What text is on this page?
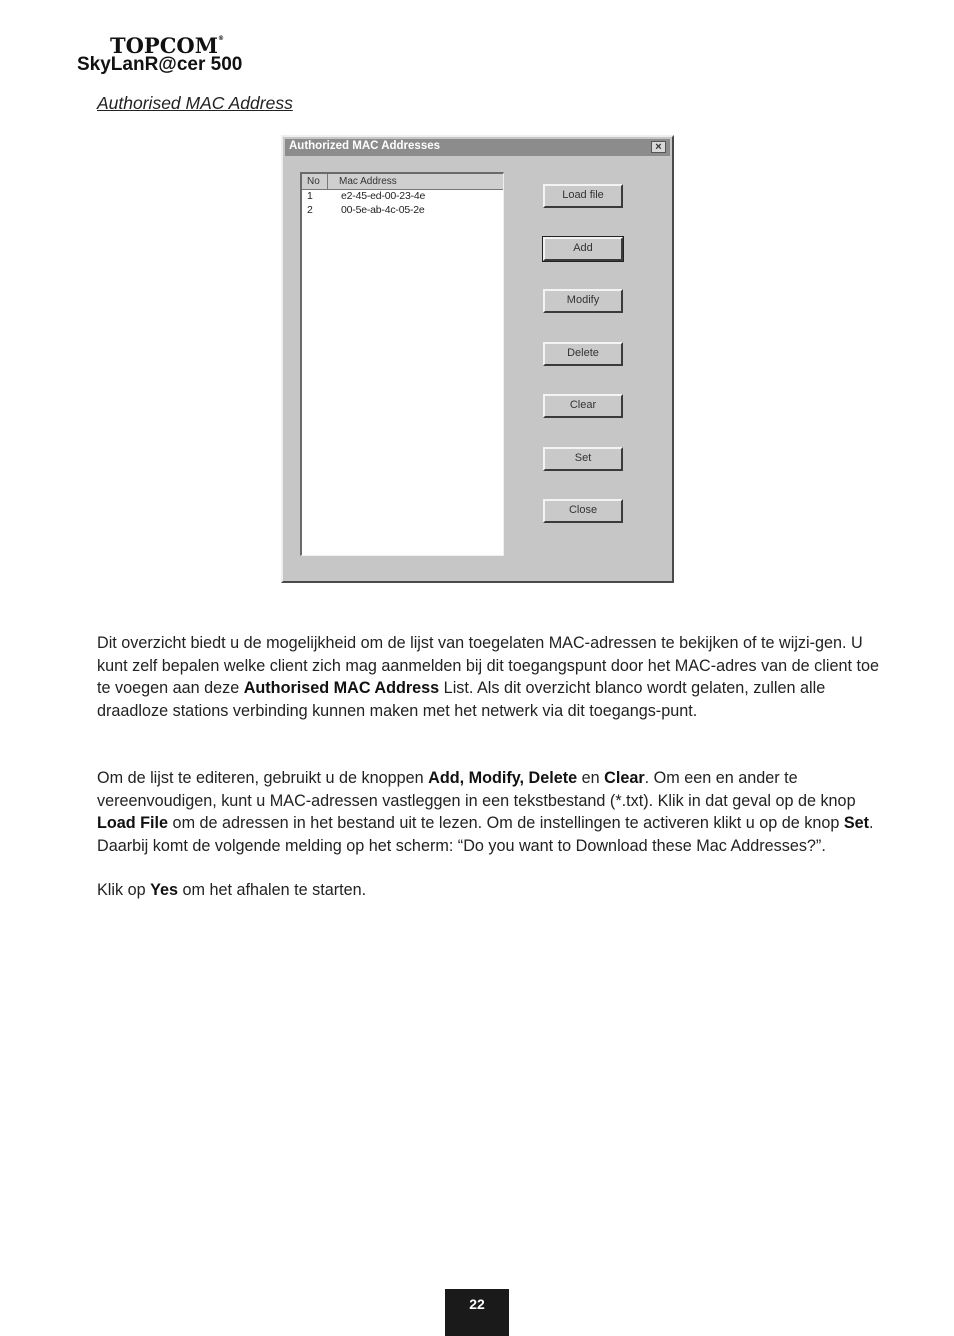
TOPCOM®
SkyLanR@cer 500
Authorised MAC Address
Authorized MAC Addresses	×
No	Mac Address
1	e2-45-ed-00-23-4e
2	00-5e-ab-4c-05-2e
Load file
Add
Modify
Delete
Clear
Set
Close
Dit overzicht biedt u de mogelijkheid om de lijst van toegelaten MAC-adressen te bekijken of te wijzi-gen. U kunt zelf bepalen welke client zich mag aanmelden bij dit toegangspunt door het MAC-adres van de client toe te voegen aan deze Authorised MAC Address List. Als dit overzicht blanco wordt gelaten, zullen alle draadloze stations verbinding kunnen maken met het netwerk via dit toegangs-punt.
Om de lijst te editeren, gebruikt u de knoppen Add, Modify, Delete en Clear. Om een en ander te vereenvoudigen, kunt u MAC-adressen vastleggen in een tekstbestand (*.txt). Klik in dat geval op de knop Load File om de adressen in het bestand uit te lezen. Om de instellingen te activeren klikt u op de knop Set. Daarbij komt de volgende melding op het scherm: “Do you want to Download these Mac Addresses?”.
Klik op Yes om het afhalen te starten.
22
